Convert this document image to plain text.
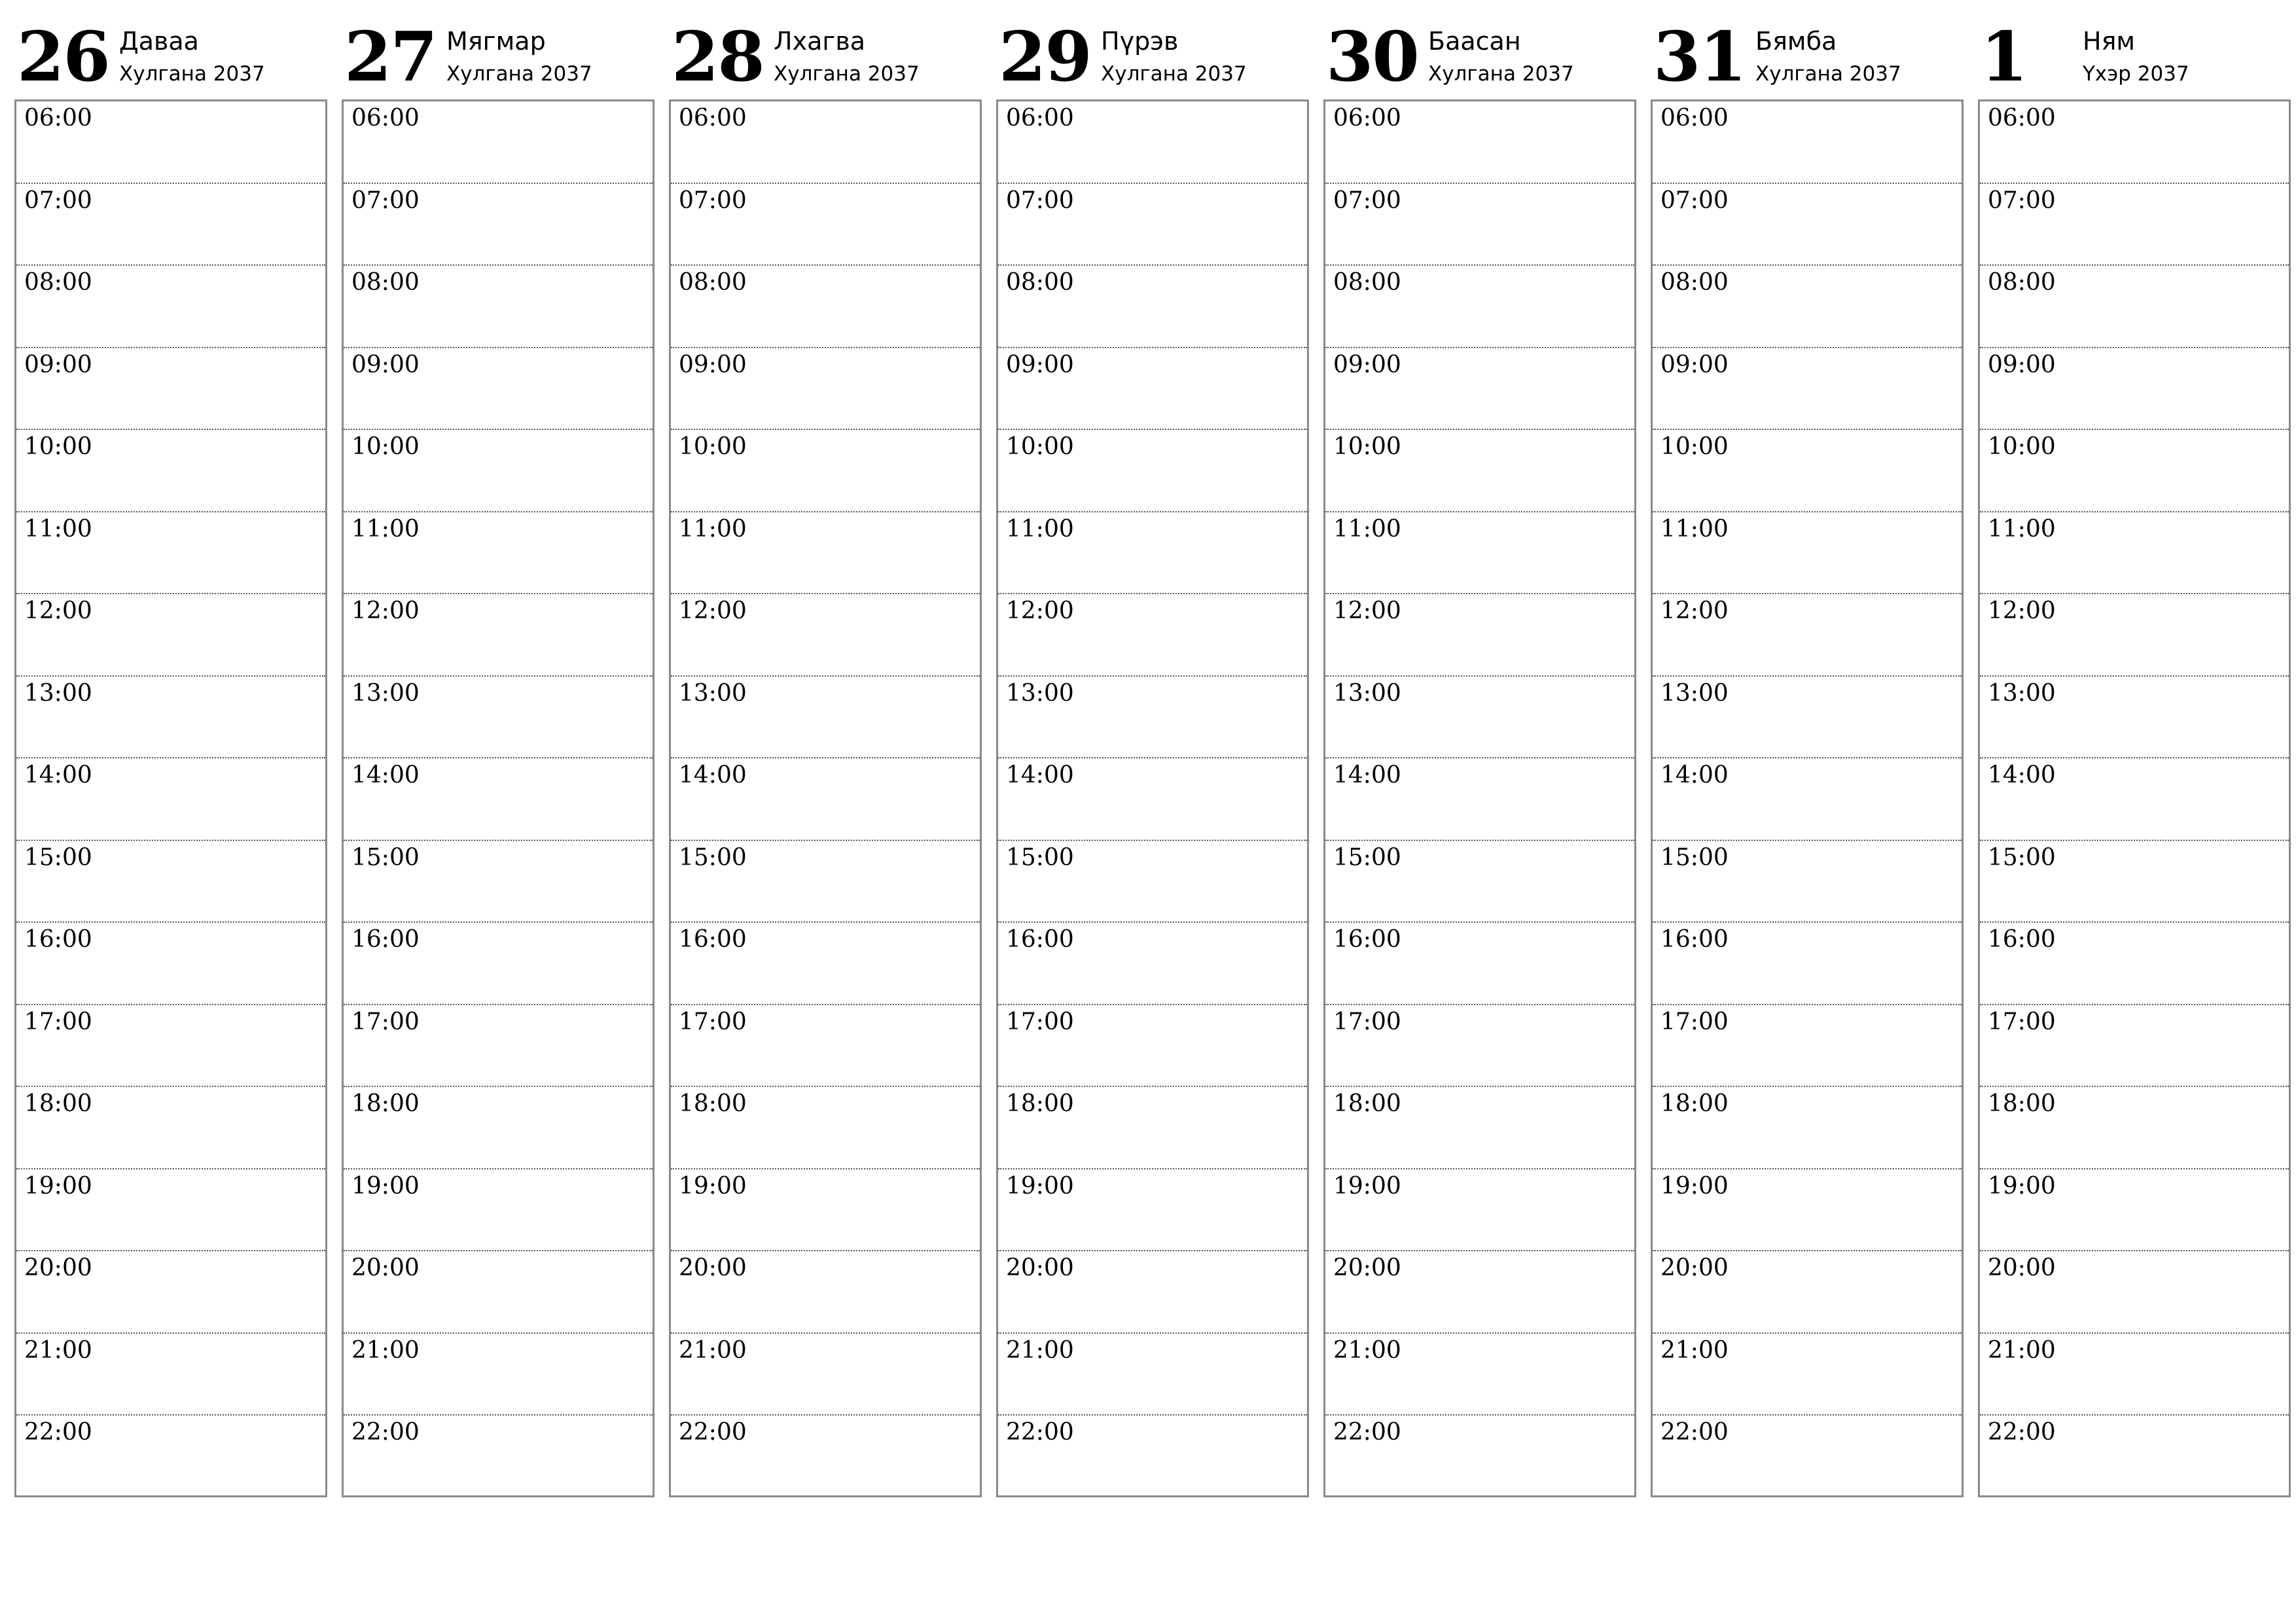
26 Даваа
Хулгана 2037
06:00
07:00
08:00
09:00
10:00
11:00
12:00
13:00
14:00
15:00
16:00
17:00
18:00
19:00
20:00
21:00
22:00
27 Мягмар
Хулгана 2037
06:00
07:00
08:00
09:00
10:00
11:00
12:00
13:00
14:00
15:00
16:00
17:00
18:00
19:00
20:00
21:00
22:00
28 Лхагва
Хулгана 2037
06:00
07:00
08:00
09:00
10:00
11:00
12:00
13:00
14:00
15:00
16:00
17:00
18:00
19:00
20:00
21:00
22:00
29 Пүрэв
Хулгана 2037
06:00
07:00
08:00
09:00
10:00
11:00
12:00
13:00
14:00
15:00
16:00
17:00
18:00
19:00
20:00
21:00
22:00
30 Баасан
Хулгана 2037
06:00
07:00
08:00
09:00
10:00
11:00
12:00
13:00
14:00
15:00
16:00
17:00
18:00
19:00
20:00
21:00
22:00
31 Бямба
Хулгана 2037
06:00
07:00
08:00
09:00
10:00
11:00
12:00
13:00
14:00
15:00
16:00
17:00
18:00
19:00
20:00
21:00
22:00
1 Ням
Үхэр 2037
06:00
07:00
08:00
09:00
10:00
11:00
12:00
13:00
14:00
15:00
16:00
17:00
18:00
19:00
20:00
21:00
22:00
